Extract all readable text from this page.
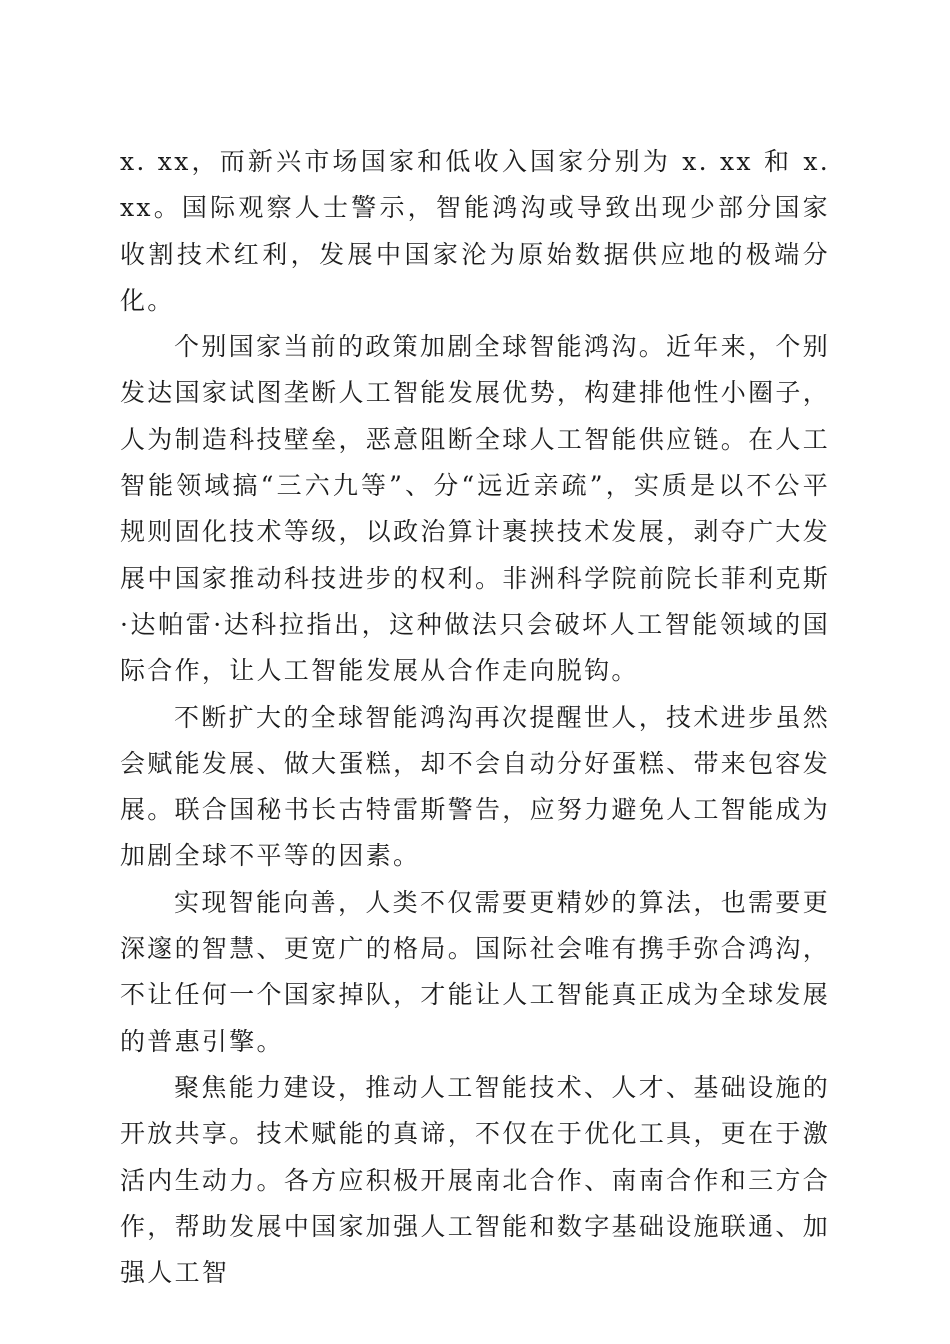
x. xx，而新兴市场国家和低收入国家分别为 x. xx 和 x. xx。国际观察人士警示，智能鸿沟或导致出现少部分国家收割技术红利，发展中国家沦为原始数据供应地的极端分化。

个别国家当前的政策加剧全球智能鸿沟。近年来，个别发达国家试图垄断人工智能发展优势，构建排他性小圈子，人为制造科技壁垒，恶意阻断全球人工智能供应链。在人工智能领域搞“三六九等”、分“远近亲疏”，实质是以不公平规则固化技术等级，以政治算计裹挟技术发展，剥夺广大发展中国家推动科技进步的权利。非洲科学院前院长菲利克斯·达帕雷·达科拉指出，这种做法只会破坏人工智能领域的国际合作，让人工智能发展从合作走向脱钩。

不断扩大的全球智能鸿沟再次提醒世人，技术进步虽然会赋能发展、做大蛋糕，却不会自动分好蛋糕、带来包容发展。联合国秘书长古特雷斯警告，应努力避免人工智能成为加剧全球不平等的因素。

实现智能向善，人类不仅需要更精妙的算法，也需要更深邃的智慧、更宽广的格局。国际社会唯有携手弥合鸿沟，不让任何一个国家掉队，才能让人工智能真正成为全球发展的普惠引擎。

聚焦能力建设，推动人工智能技术、人才、基础设施的开放共享。技术赋能的真谛，不仅在于优化工具，更在于激活内生动力。各方应积极开展南北合作、南南合作和三方合作，帮助发展中国家加强人工智能和数字基础设施联通、加强人工智
